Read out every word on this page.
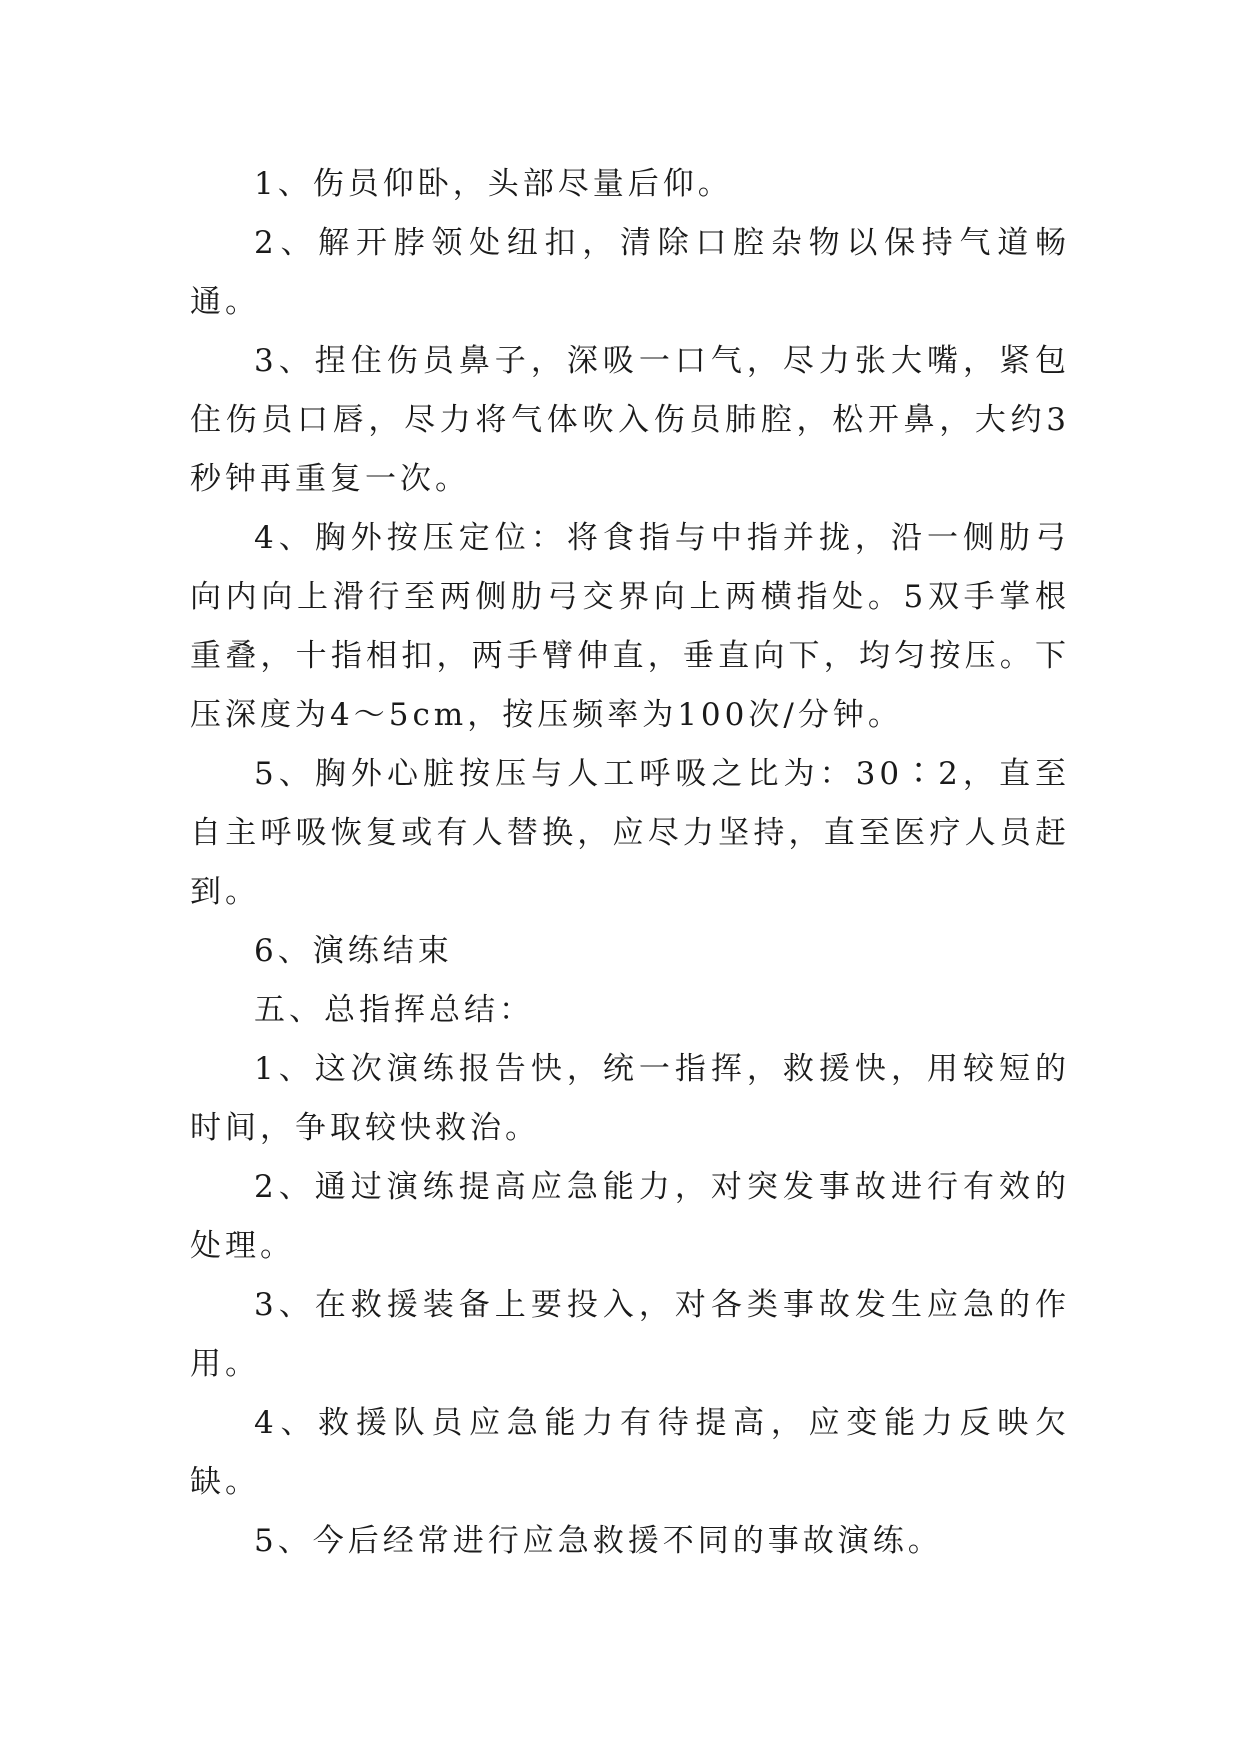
1、伤员仰卧，头部尽量后仰。

2、解开脖领处纽扣，清除口腔杂物以保持气道畅通。

3、捏住伤员鼻子，深吸一口气，尽力张大嘴，紧包住伤员口唇，尽力将气体吹入伤员肺腔，松开鼻，大约3秒钟再重复一次。

4、胸外按压定位：将食指与中指并拢，沿一侧肋弓向内向上滑行至两侧肋弓交界向上两横指处。5双手掌根重叠，十指相扣，两手臂伸直，垂直向下，均匀按压。下压深度为4～5cm，按压频率为100次/分钟。

5、胸外心脏按压与人工呼吸之比为：30∶2，直至自主呼吸恢复或有人替换，应尽力坚持，直至医疗人员赶到。

6、演练结束

五、总指挥总结：

1、这次演练报告快，统一指挥，救援快，用较短的时间，争取较快救治。

2、通过演练提高应急能力，对突发事故进行有效的处理。

3、在救援装备上要投入，对各类事故发生应急的作用。

4、救援队员应急能力有待提高，应变能力反映欠缺。

5、今后经常进行应急救援不同的事故演练。
